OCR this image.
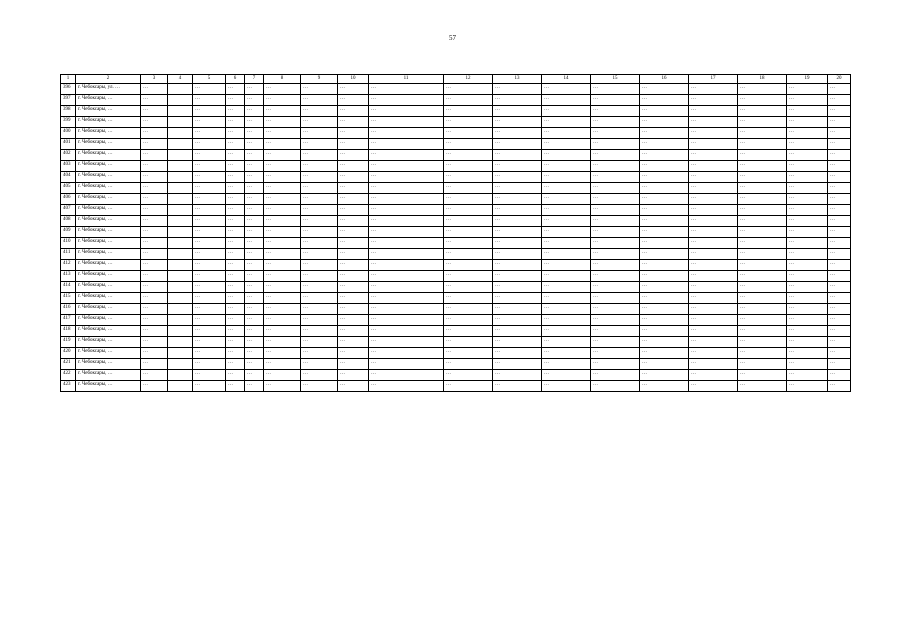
57
1	2	3	4	5	6	7	8	9	10	11	12	13	14	15	16	17	18	19	20
396	г. Чебоксары, ул. …	…		…	…	…	…	…	…	…	…	…	…	…	…	…	…	…	…
397	г. Чебоксары, …	…		…	…	…	…	…	…	…	…	…	…	…	…	…	…	…	…
398	г. Чебоксары, …	…		…	…	…	…	…	…	…	…	…	…	…	…	…	…	…	…
399	г. Чебоксары, …	…		…	…	…	…	…	…	…	…	…	…	…	…	…	…	…	…
400	г. Чебоксары, …	…		…	…	…	…	…	…	…	…	…	…	…	…	…	…	…	…
401	г. Чебоксары, …	…		…	…	…	…	…	…	…	…	…	…	…	…	…	…	…	…
402	г. Чебоксары, …	…		…	…	…	…	…	…	…	…	…	…	…	…	…	…	…	…
403	г. Чебоксары, …	…		…	…	…	…	…	…	…	…	…	…	…	…	…	…	…	…
404	г. Чебоксары, …	…		…	…	…	…	…	…	…	…	…	…	…	…	…	…	…	…
405	г. Чебоксары, …	…		…	…	…	…	…	…	…	…	…	…	…	…	…	…	…	…
406	г. Чебоксары, …	…		…	…	…	…	…	…	…	…	…	…	…	…	…	…	…	…
407	г. Чебоксары, …	…		…	…	…	…	…	…	…	…	…	…	…	…	…	…	…	…
408	г. Чебоксары, …	…		…	…	…	…	…	…	…	…	…	…	…	…	…	…	…	…
409	г. Чебоксары, …	…		…	…	…	…	…	…	…	…	…	…	…	…	…	…	…	…
410	г. Чебоксары, …	…		…	…	…	…	…	…	…	…	…	…	…	…	…	…	…	…
411	г. Чебоксары, …	…		…	…	…	…	…	…	…	…	…	…	…	…	…	…	…	…
412	г. Чебоксары, …	…		…	…	…	…	…	…	…	…	…	…	…	…	…	…	…	…
413	г. Чебоксары, …	…		…	…	…	…	…	…	…	…	…	…	…	…	…	…	…	…
414	г. Чебоксары, …	…		…	…	…	…	…	…	…	…	…	…	…	…	…	…	…	…
415	г. Чебоксары, …	…		…	…	…	…	…	…	…	…	…	…	…	…	…	…	…	…
416	г. Чебоксары, …	…		…	…	…	…	…	…	…	…	…	…	…	…	…	…	…	…
417	г. Чебоксары, …	…		…	…	…	…	…	…	…	…	…	…	…	…	…	…	…	…
418	г. Чебоксары, …	…		…	…	…	…	…	…	…	…	…	…	…	…	…	…	…	…
419	г. Чебоксары, …	…		…	…	…	…	…	…	…	…	…	…	…	…	…	…	…	…
420	г. Чебоксары, …	…		…	…	…	…	…	…	…	…	…	…	…	…	…	…	…	…
421	г. Чебоксары, …	…		…	…	…	…	…	…	…	…	…	…	…	…	…	…	…	…
422	г. Чебоксары, …	…		…	…	…	…	…	…	…	…	…	…	…	…	…	…	…	…
423	г. Чебоксары, …	…		…	…	…	…	…	…	…	…	…	…	…	…	…	…	…	…
